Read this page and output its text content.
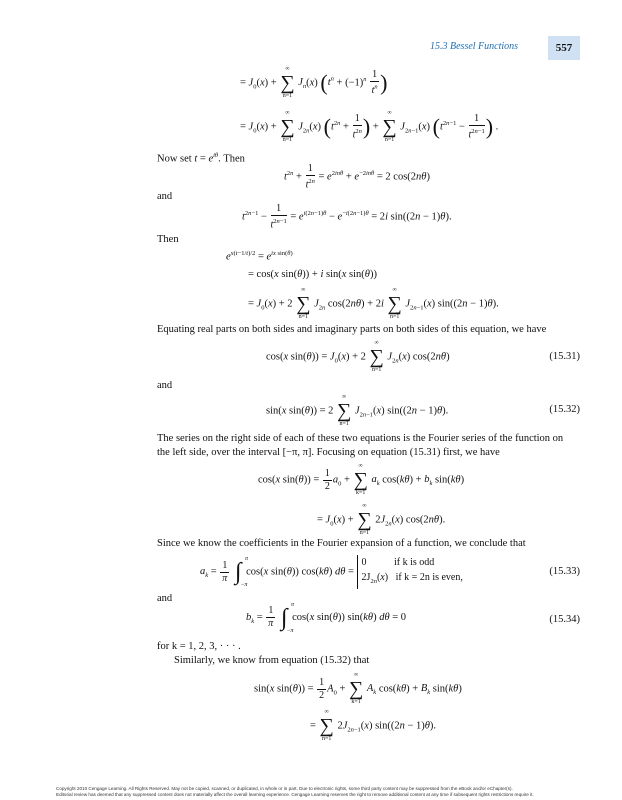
15.3 Bessel Functions	557
= $J_0(x)$ +
∞
∑
n=1
$J_n(x) (t^n + (-1)^n \frac{1}{t^n}$ )
= $J_0(x)$ +
∞
∑
n=1
$J_{2n}(x) (t^{2n} + \frac{1}{t^{2n}}$ ) +
∞
∑
n=1
$J_{2n-1}(x) (t^{2n-1} - \frac{1}{t^{2n-1}}$ ) .
Now set $t = e^{i\theta}$. Then
$t^{2n} + \frac{1}{t^{2n}} = e^{2in\theta} + e^{-2in\theta} = 2$ cos(2nθ)
and
$t^{2n-1} - \frac{1}{t^{2n-1}} = e^{i(2n-1)\theta} - e^{-i(2n-1)\theta} = 2i$ sin((2n − 1)θ).
Then
$e^{x(t-1/t)/2} = e^{ix sin(\theta)}$
= cos(x sin(θ)) + i sin(x sin(θ))
= $J_0(x) + 2$
∞
∑
n=1
$J_{2n}$ cos(2nθ) + 2i
∞
∑
n=1
$J_{2n-1}(x) \sin((2n - 1)\theta)$.
Equating real parts on both sides and imaginary parts on both sides of this equation, we have
cos(x $\sin(\theta)) = J_0(x) + 2$
∞
∑
n=1
$J_{2n}(x)$ cos(2nθ)	(15.31)
and
sin(x sin(θ)) = 2
∞
∑
n=1
$J_{2n-1}(x) \sin((2n - 1)\theta)$.	(15.32)
The series on the right side of each of these two equations is the Fourier series of the function on
the left side, over the interval [−π, π]. Focusing on equation (15.31) first, we have
cos(x $\sin(\theta)) = \frac{1}{2} a_0$ +
∞
∑
k=1
$a_k$ $\cos(k\theta) + b_k$ sin(kθ)
= $J_0(x)$ +
∞
∑
n=1
$2J_{2n}(x)$ cos(2nθ).
Since we know the coefficients in the Fourier expansion of a function, we conclude that
$a_k = \frac{1}{\pi}$ ∫ π
−π
cos(x sin(θ)) cos(kθ) dθ = 0	if k is odd
$2J_{2n}(x)$   if k = 2n is even,
(15.33)
and
$b_k = \frac{1}{\pi}$ ∫ π
−π
cos(x sin(θ)) sin(kθ) dθ = 0	(15.34)
for k = 1, 2, 3, · · · .
Similarly, we know from equation (15.32) that
sin(x $\sin(\theta)) = \frac{1}{2} A_0$ +
∞
∑
k=1
$A_k$ $\cos(k\theta) + B_k$ sin(kθ)
=
∞
∑
n=1
$2J_{2n-1}(x) \sin((2n - 1)\theta)$.
Copyright 2010 Cengage Learning. All Rights Reserved. May not be copied, scanned, or duplicated, in whole or in part. Due to electronic rights, some third party content may be suppressed from the eBook and/or eChapter(s).
Editorial review has deemed that any suppressed content does not materially affect the overall learning experience. Cengage Learning reserves the right to remove additional content at any time if subsequent rights restrictions require it.
